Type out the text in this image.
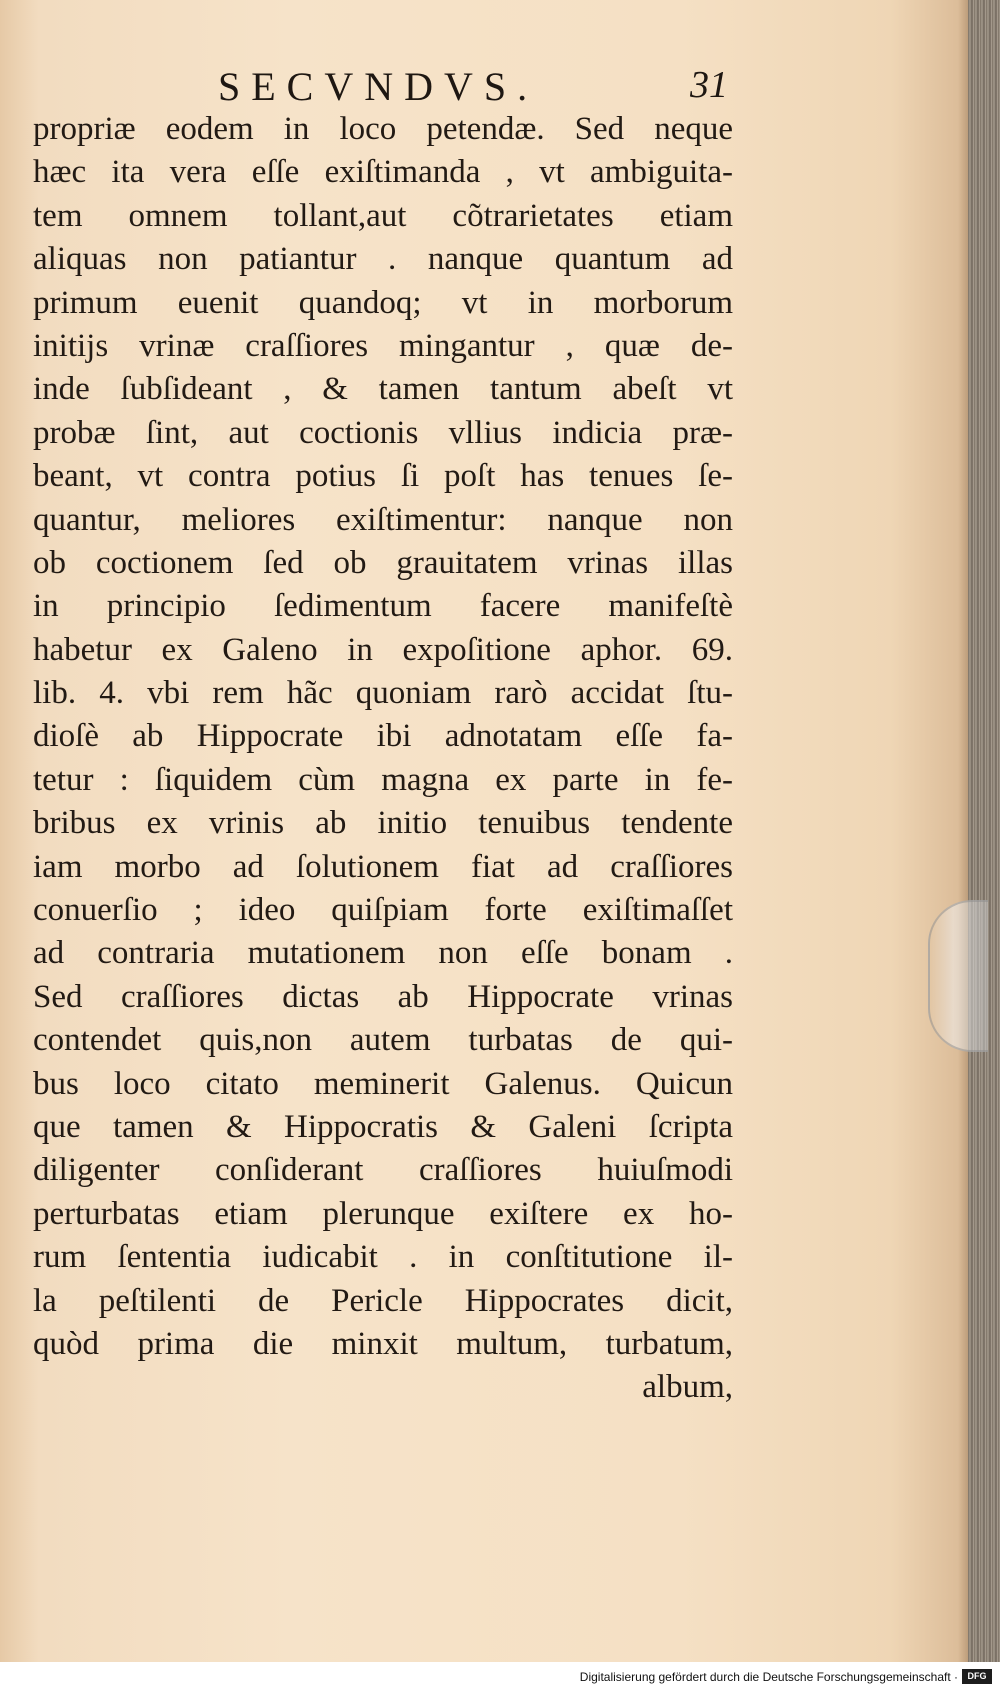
SECVNDVS.	31
propriæ eodem in loco petendæ. Sed neque
hæc ita vera eſſe exiſtimanda , vt ambiguita-
tem omnem tollant,aut cõtrarietates etiam
aliquas non patiantur . nanque quantum ad
primum euenit quandoq; vt in morborum
initijs vrinæ craſſiores mingantur , quæ de-
inde ſubſideant , & tamen tantum abeſt vt
probæ ſint, aut coctionis vllius indicia præ-
beant, vt contra potius ſi poſt has tenues ſe-
quantur, meliores exiſtimentur: nanque non
ob coctionem ſed ob grauitatem vrinas illas
in principio ſedimentum facere manifeſtè
habetur ex Galeno in expoſitione aphor. 69.
lib. 4. vbi rem hãc quoniam rarò accidat ſtu-
dioſè ab Hippocrate ibi adnotatam eſſe fa-
tetur : ſiquidem cùm magna ex parte in fe-
bribus ex vrinis ab initio tenuibus tendente
iam morbo ad ſolutionem fiat ad craſſiores
conuerſio ; ideo quiſpiam forte exiſtimaſſet
ad contraria mutationem non eſſe bonam .
Sed craſſiores dictas ab Hippocrate vrinas
contendet quis,non autem turbatas de qui-
bus loco citato meminerit Galenus. Quicun
que tamen & Hippocratis & Galeni ſcripta
diligenter conſiderant craſſiores huiuſmodi
perturbatas etiam plerunque exiſtere ex ho-
rum ſententia iudicabit . in conſtitutione il-
la peſtilenti de Pericle Hippocrates dicit,
quòd prima die minxit multum, turbatum,
album,
Digitalisierung gefördert durch die Deutsche Forschungsgemeinschaft ·	DFG
